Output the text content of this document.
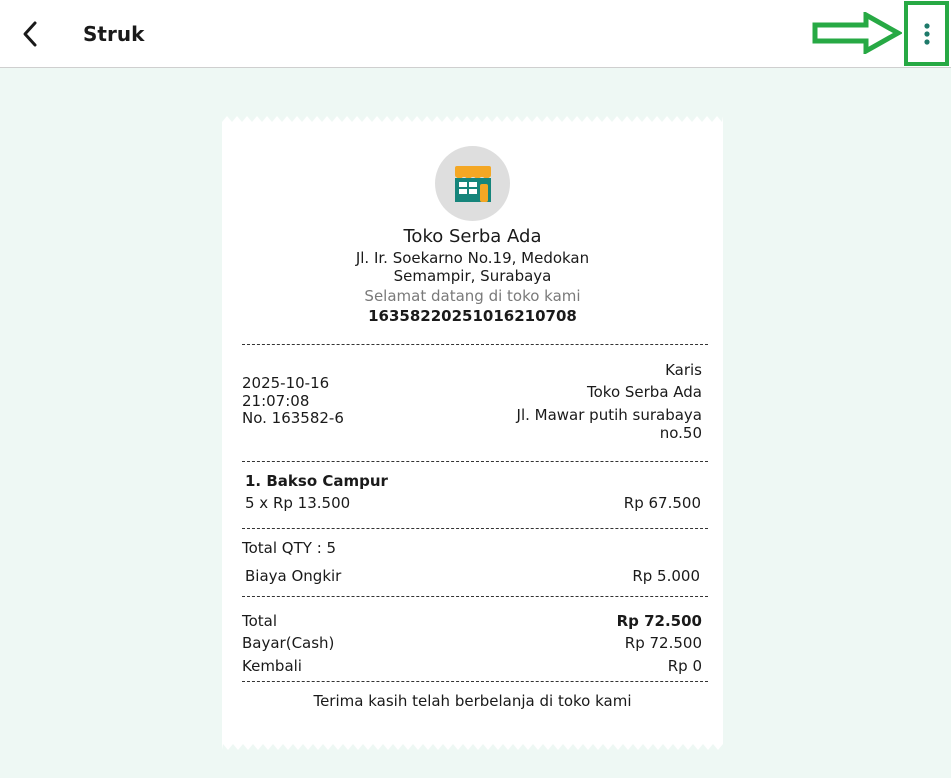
Struk
Toko Serba Ada
Jl. Ir. Soekarno No.19, Medokan
Semampir, Surabaya
Selamat datang di toko kami
16358220251016210708
Karis
2025-10-16	Toko Serba Ada
21:07:08
No. 163582-6	Jl. Mawar putih surabaya
no.50
1. Bakso Campur
5 x Rp 13.500	Rp 67.500
Total QTY : 5
Biaya Ongkir	Rp 5.000
Total	Rp 72.500
Bayar(Cash)	Rp 72.500
Kembali	Rp 0
Terima kasih telah berbelanja di toko kami
